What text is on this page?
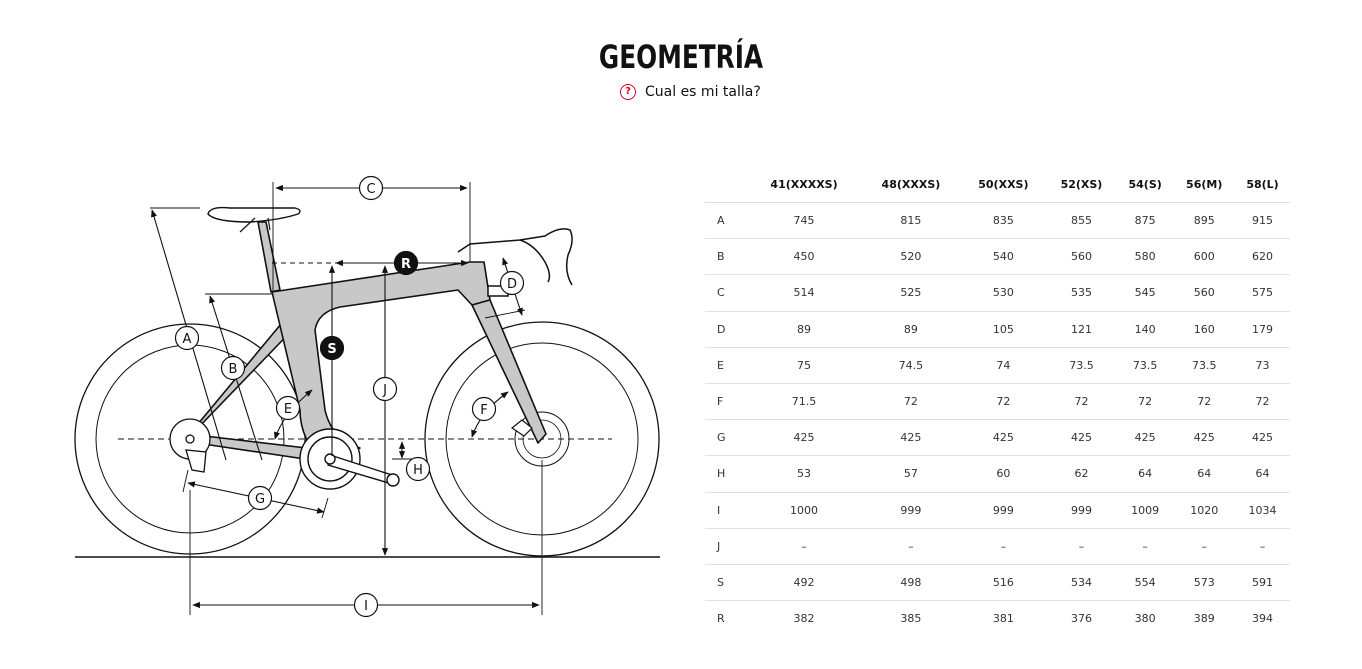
GEOMETRÍA
?	Cual es mi talla?
C
R
D
A
S
B
J
E	F
H
G
I
	41(XXXXS)	48(XXXS)	50(XXS)	52(XS)	54(S)	56(M)	58(L)
A	745	815	835	855	875	895	915
B	450	520	540	560	580	600	620
C	514	525	530	535	545	560	575
D	89	89	105	121	140	160	179
E	75	74.5	74	73.5	73.5	73.5	73
F	71.5	72	72	72	72	72	72
G	425	425	425	425	425	425	425
H	53	57	60	62	64	64	64
I	1000	999	999	999	1009	1020	1034
J	–	–	–	–	–	–	–
S	492	498	516	534	554	573	591
R	382	385	381	376	380	389	394
